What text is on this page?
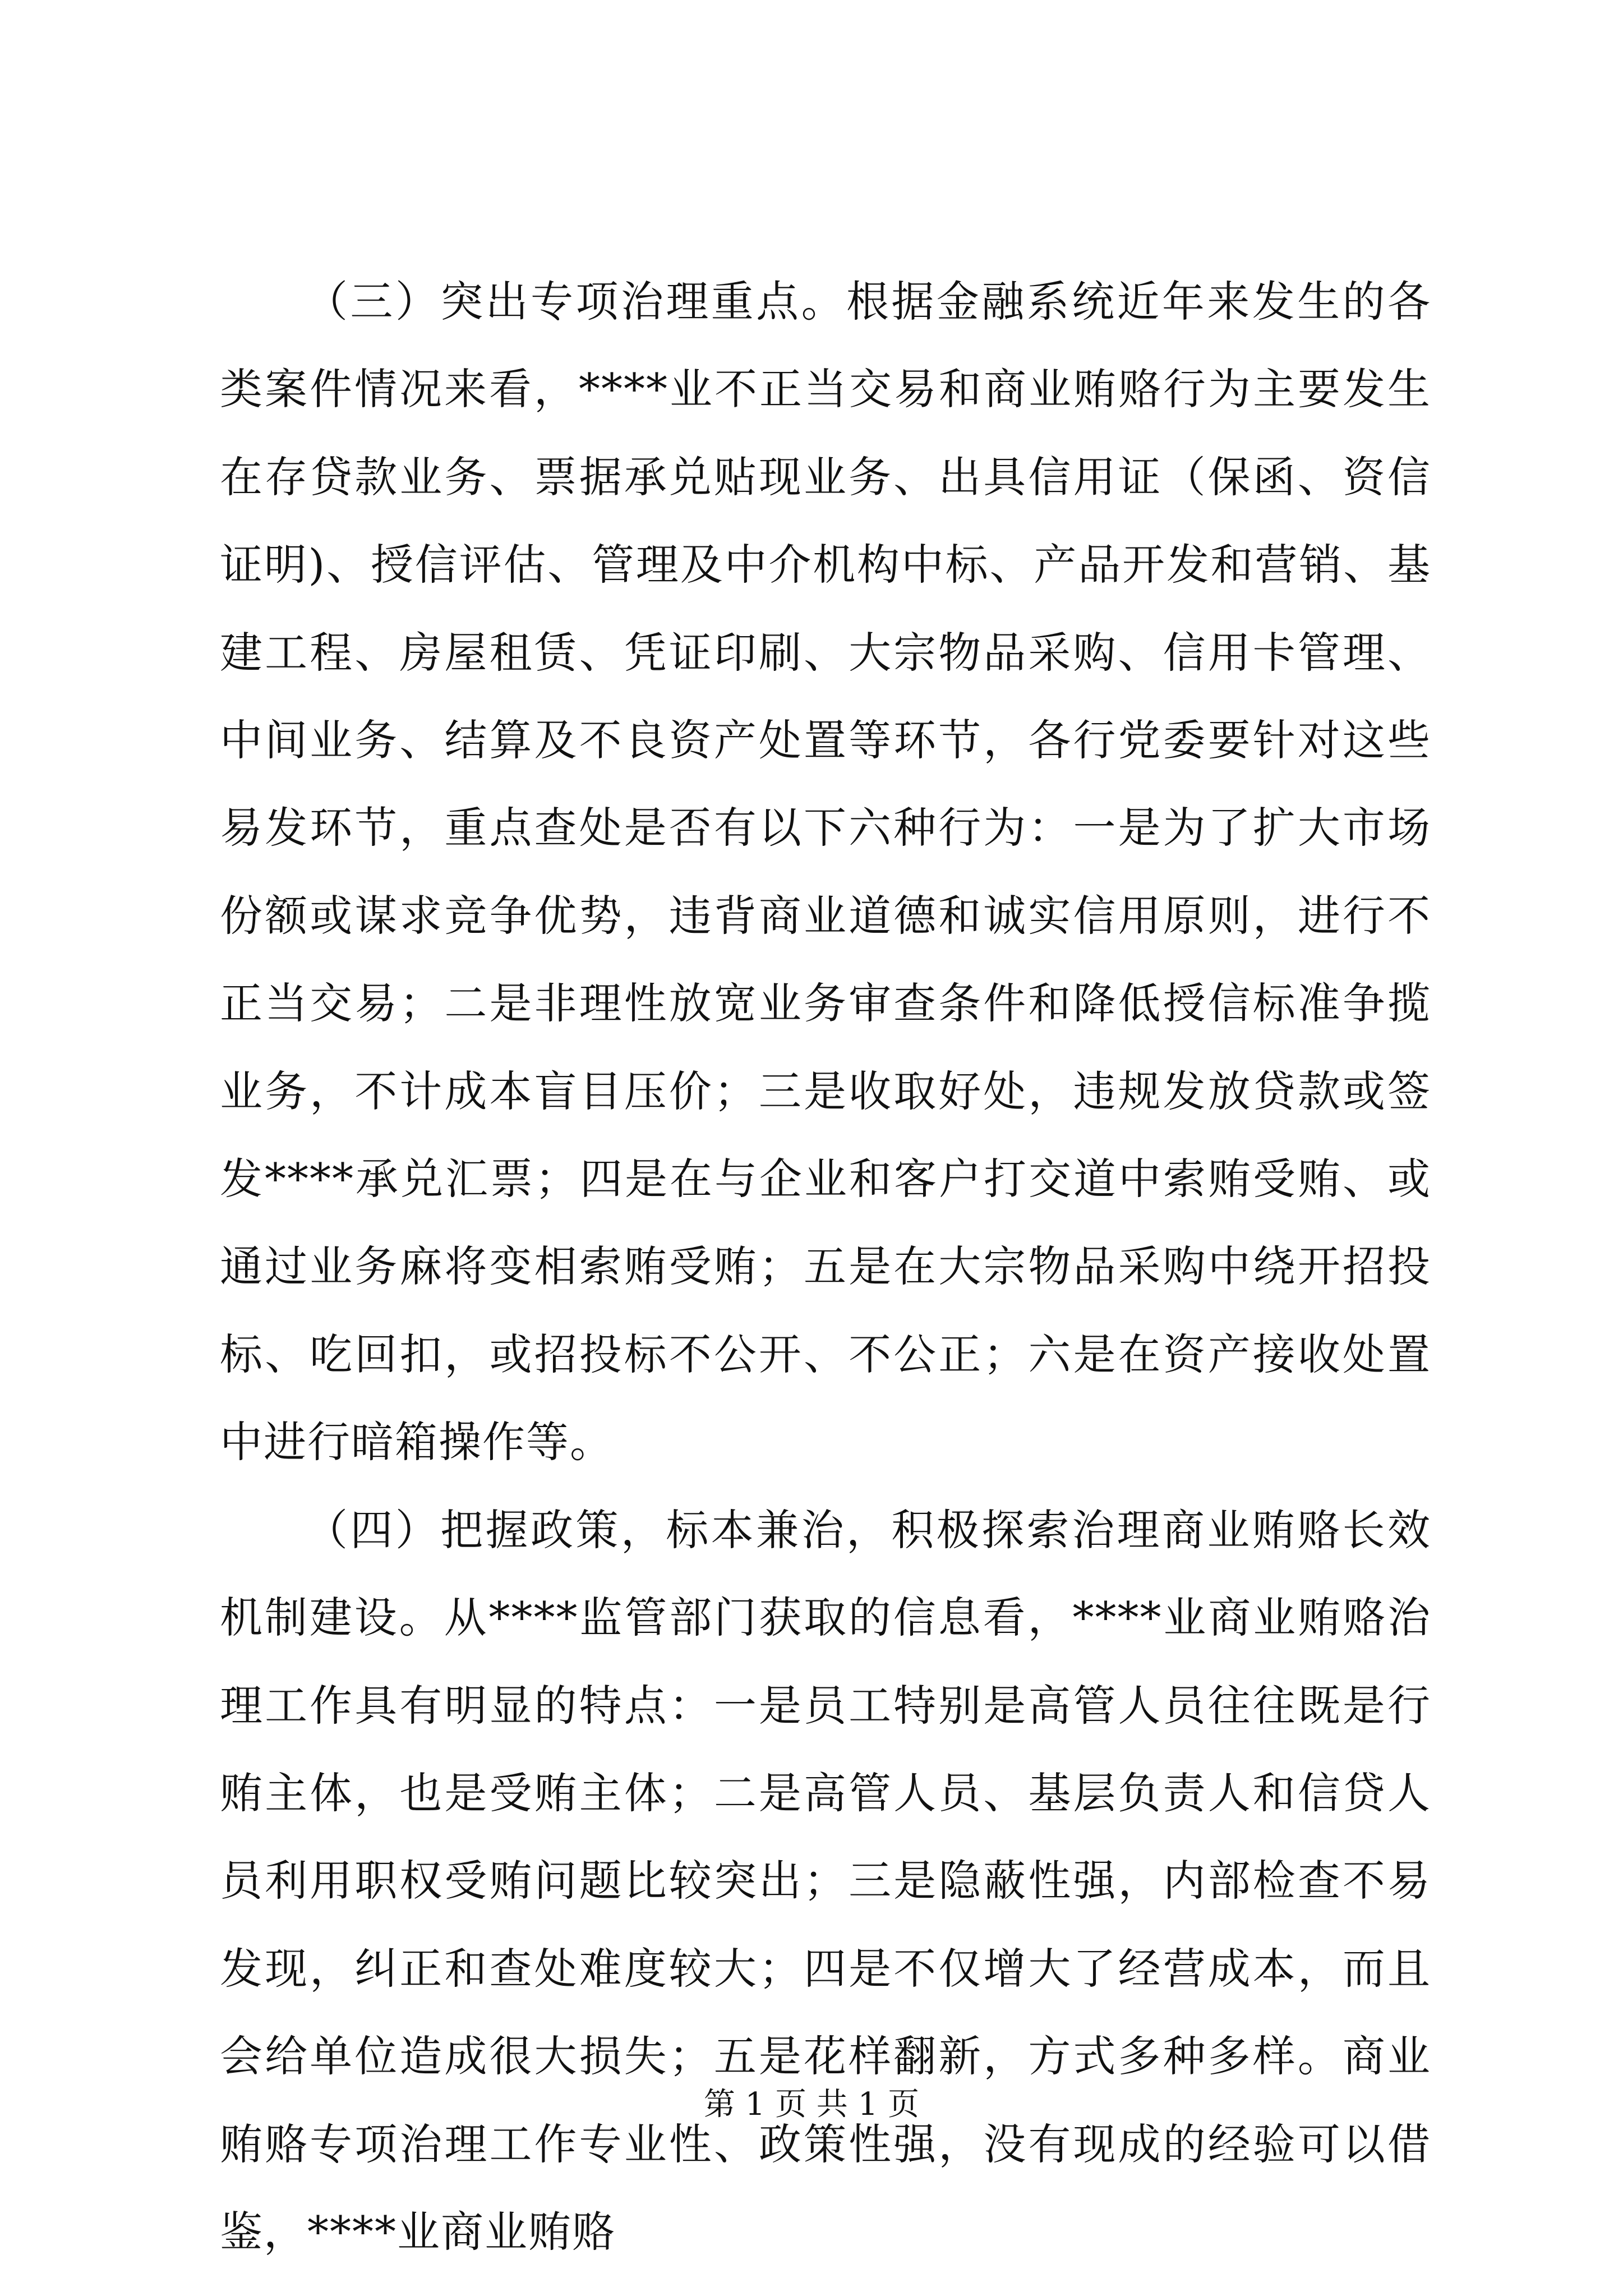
（三）突出专项治理重点。根据金融系统近年来发生的各类案件情况来看，****业不正当交易和商业贿赂行为主要发生在存贷款业务、票据承兑贴现业务、出具信用证（保函、资信证明)、授信评估、管理及中介机构中标、产品开发和营销、基建工程、房屋租赁、凭证印刷、大宗物品采购、信用卡管理、中间业务、结算及不良资产处置等环节，各行党委要针对这些易发环节，重点查处是否有以下六种行为：一是为了扩大市场份额或谋求竞争优势，违背商业道德和诚实信用原则，进行不正当交易；二是非理性放宽业务审查条件和降低授信标准争揽业务，不计成本盲目压价；三是收取好处，违规发放贷款或签发****承兑汇票；四是在与企业和客户打交道中索贿受贿、或通过业务麻将变相索贿受贿；五是在大宗物品采购中绕开招投标、吃回扣，或招投标不公开、不公正；六是在资产接收处置中进行暗箱操作等。

（四）把握政策，标本兼治，积极探索治理商业贿赂长效机制建设。从****监管部门获取的信息看，****业商业贿赂治理工作具有明显的特点：一是员工特别是高管人员往往既是行贿主体，也是受贿主体；二是高管人员、基层负责人和信贷人员利用职权受贿问题比较突出；三是隐蔽性强，内部检查不易发现，纠正和查处难度较大；四是不仅增大了经营成本，而且会给单位造成很大损失；五是花样翻新，方式多种多样。商业贿赂专项治理工作专业性、政策性强，没有现成的经验可以借鉴，****业商业贿赂

第 1 页 共 1 页
